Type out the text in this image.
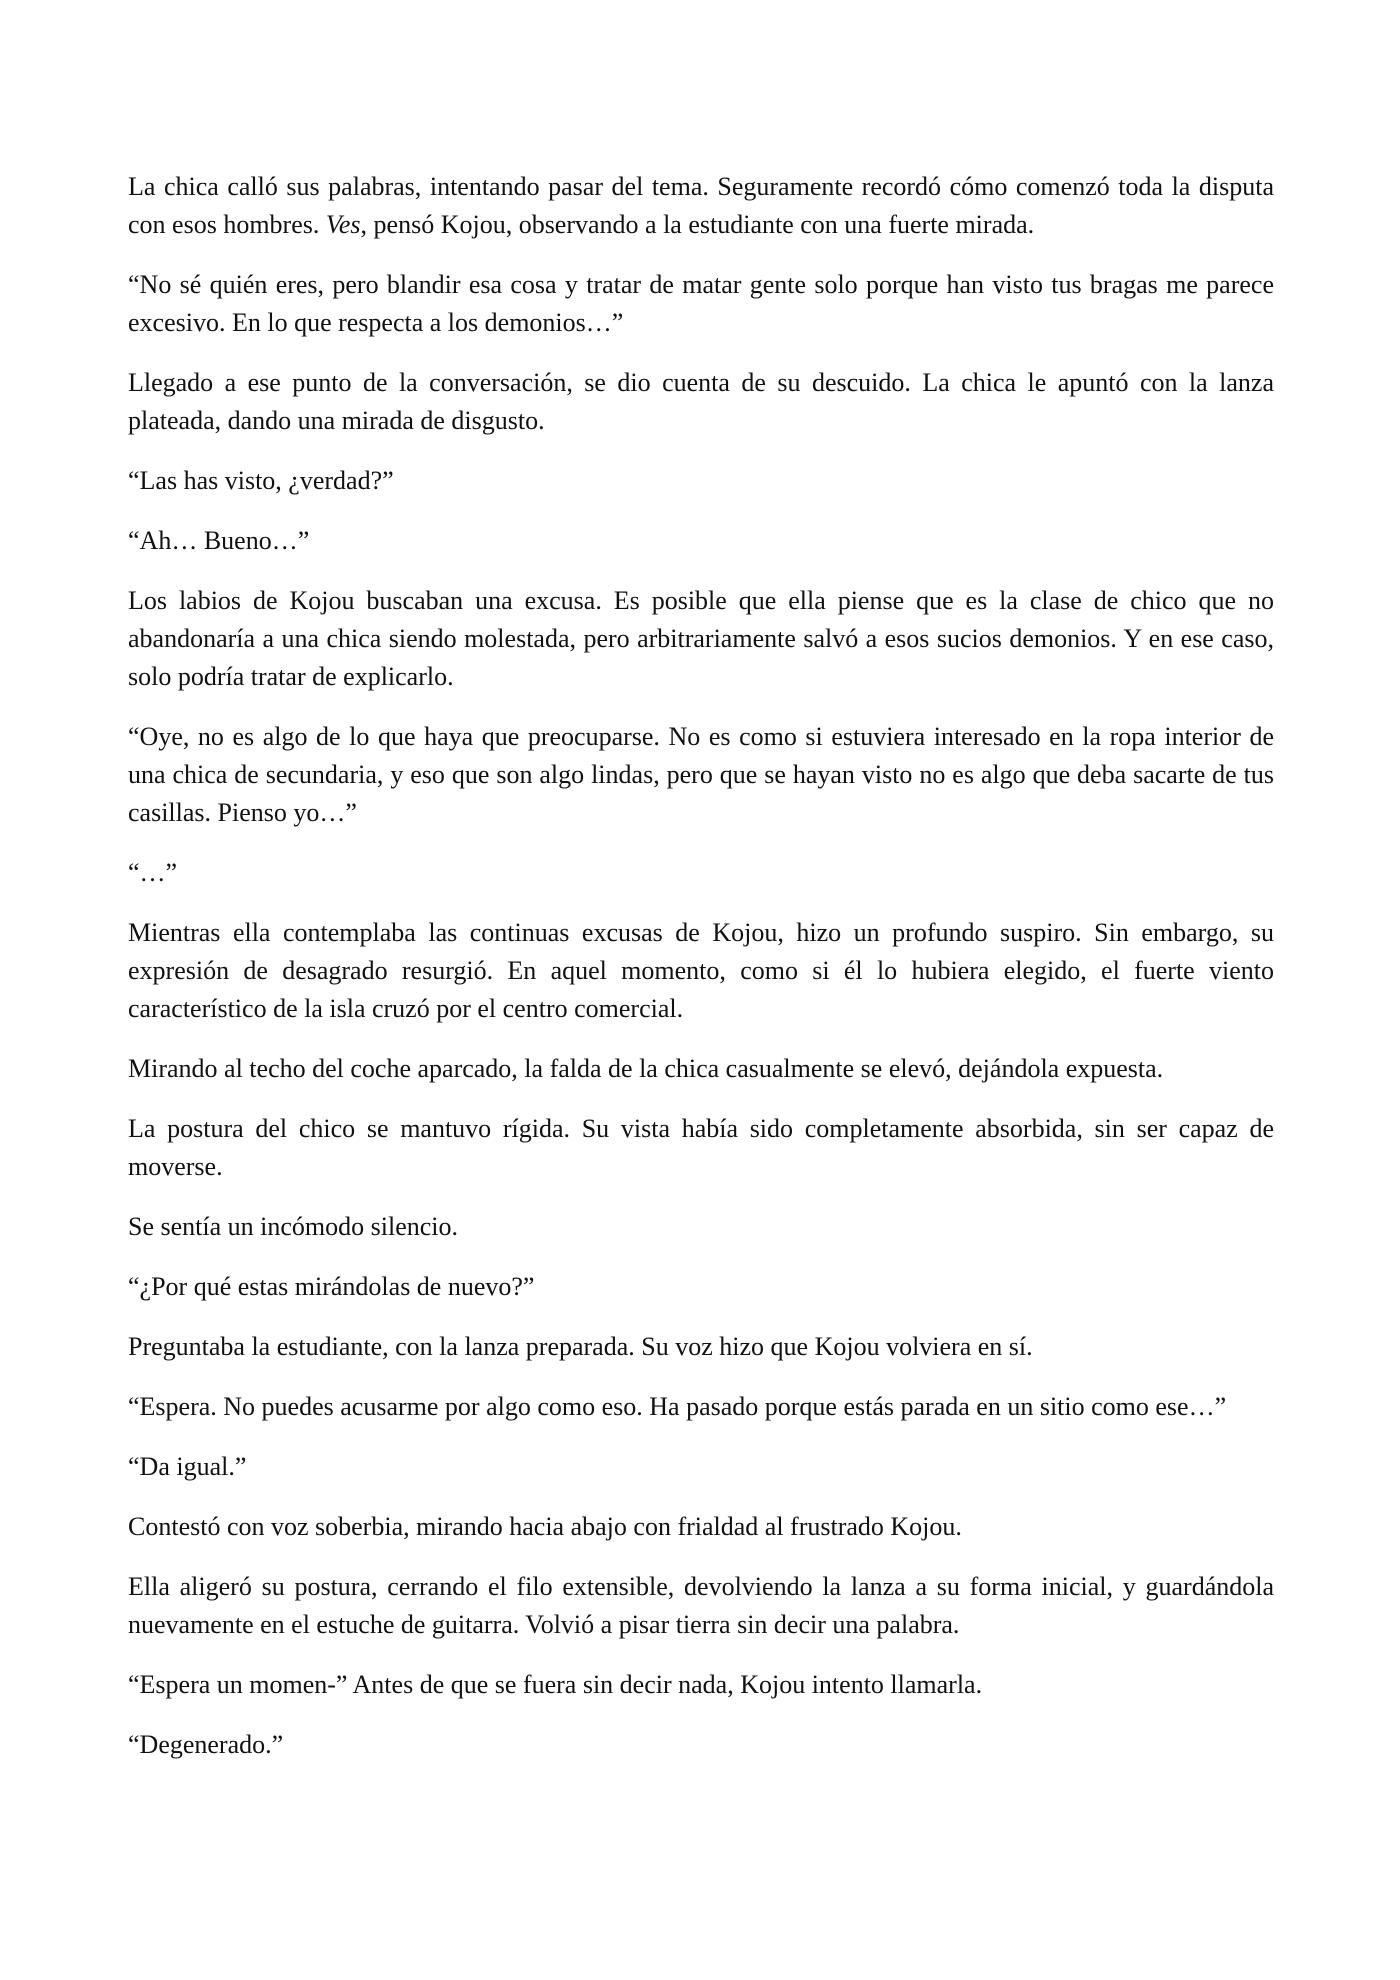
La chica calló sus palabras, intentando pasar del tema. Seguramente recordó cómo comenzó toda la disputa con esos hombres. Ves, pensó Kojou, observando a la estudiante con una fuerte mirada.

“No sé quién eres, pero blandir esa cosa y tratar de matar gente solo porque han visto tus bragas me parece excesivo. En lo que respecta a los demonios…”

Llegado a ese punto de la conversación, se dio cuenta de su descuido. La chica le apuntó con la lanza plateada, dando una mirada de disgusto.

“Las has visto, ¿verdad?”

“Ah… Bueno…”

Los labios de Kojou buscaban una excusa. Es posible que ella piense que es la clase de chico que no abandonaría a una chica siendo molestada, pero arbitrariamente salvó a esos sucios demonios. Y en ese caso, solo podría tratar de explicarlo.

“Oye, no es algo de lo que haya que preocuparse. No es como si estuviera interesado en la ropa interior de una chica de secundaria, y eso que son algo lindas, pero que se hayan visto no es algo que deba sacarte de tus casillas. Pienso yo…”

“…”

Mientras ella contemplaba las continuas excusas de Kojou, hizo un profundo suspiro. Sin embargo, su expresión de desagrado resurgió. En aquel momento, como si él lo hubiera elegido, el fuerte viento característico de la isla cruzó por el centro comercial.

Mirando al techo del coche aparcado, la falda de la chica casualmente se elevó, dejándola expuesta.

La postura del chico se mantuvo rígida. Su vista había sido completamente absorbida, sin ser capaz de moverse.

Se sentía un incómodo silencio.

“¿Por qué estas mirándolas de nuevo?”

Preguntaba la estudiante, con la lanza preparada. Su voz hizo que Kojou volviera en sí.

“Espera. No puedes acusarme por algo como eso. Ha pasado porque estás parada en un sitio como ese…”

“Da igual.”

Contestó con voz soberbia, mirando hacia abajo con frialdad al frustrado Kojou.

Ella aligeró su postura, cerrando el filo extensible, devolviendo la lanza a su forma inicial, y guardándola nuevamente en el estuche de guitarra. Volvió a pisar tierra sin decir una palabra.

“Espera un momen-” Antes de que se fuera sin decir nada, Kojou intento llamarla.

“Degenerado.”
